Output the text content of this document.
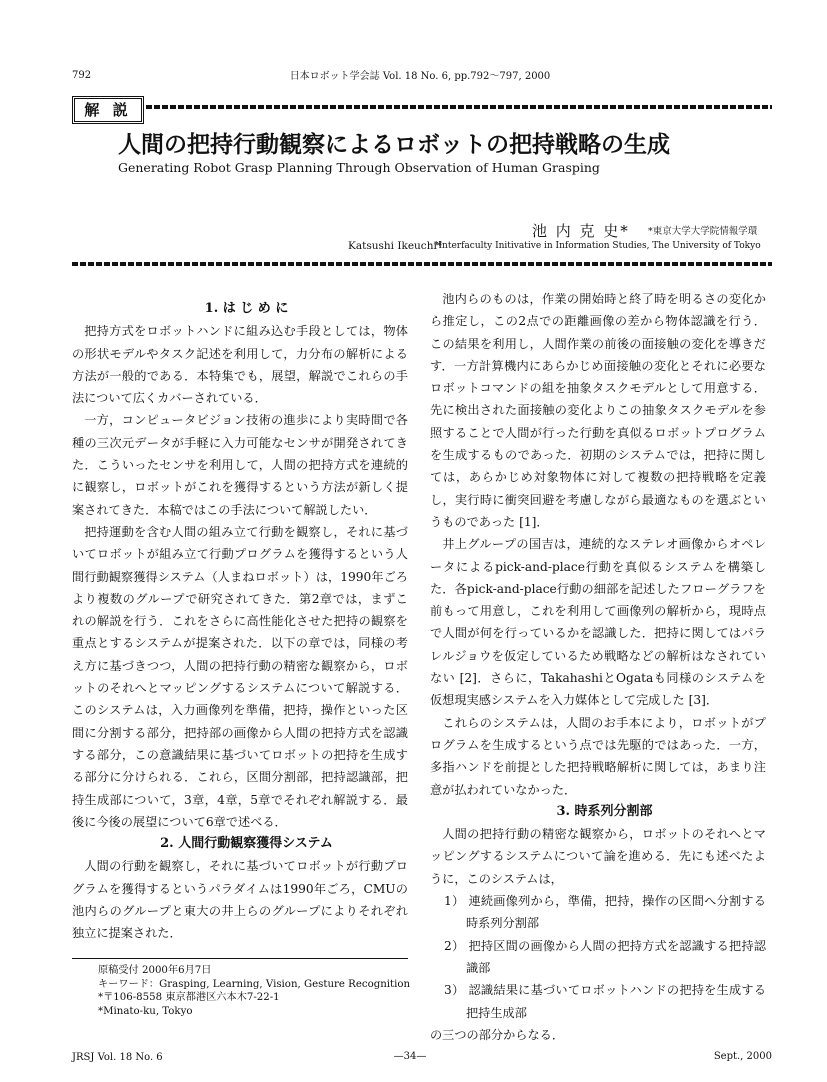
792	日本ロボット学会誌 Vol. 18 No. 6, pp.792～797, 2000
解 説
人間の把持行動観察によるロボットの把持戦略の生成
Generating Robot Grasp Planning Through Observation of Human Grasping
池 内 克 史* *東京大学大学院情報学環
Katsushi Ikeuchi*
*Interfaculty Initivative in Information Studies, The University of Tokyo

1. は じ め に

把持方式をロボットハンドに組み込む手段としては，物体の形状モデルやタスク記述を利用して，力分布の解析による方法が一般的である．本特集でも，展望，解説でこれらの手法について広くカバーされている．

一方，コンピュータビジョン技術の進歩により実時間で各種の三次元データが手軽に入力可能なセンサが開発されてきた．こういったセンサを利用して，人間の把持方式を連続的に観察し，ロボットがこれを獲得するという方法が新しく提案されてきた．本稿ではこの手法について解説したい．

把持運動を含む人間の組み立て行動を観察し，それに基づいてロボットが組み立て行動プログラムを獲得するという人間行動観察獲得システム（人まねロボット）は，1990年ごろより複数のグループで研究されてきた．第2章では，まずこれの解説を行う．これをさらに高性能化させた把持の観察を重点とするシステムが提案された．以下の章では，同様の考え方に基づきつつ，人間の把持行動の精密な観察から，ロボットのそれへとマッピングするシステムについて解説する．このシステムは，入力画像列を準備，把持，操作といった区間に分割する部分，把持部の画像から人間の把持方式を認識する部分，この意識結果に基づいてロボットの把持を生成する部分に分けられる．これら，区間分割部，把持認識部，把持生成部について，3章，4章，5章でそれぞれ解説する．最後に今後の展望について6章で述べる．

2. 人間行動観察獲得システム

人間の行動を観察し，それに基づいてロボットが行動プログラムを獲得するというパラダイムは1990年ごろ，CMUの池内らのグループと東大の井上らのグループによりそれぞれ独立に提案された．

原稿受付 2000年6月7日
キーワード：Grasping, Learning, Vision, Gesture Recognition
*〒106-8558 東京都港区六本木7-22-1
*Minato-ku, Tokyo

池内らのものは，作業の開始時と終了時を明るさの変化から推定し，この2点での距離画像の差から物体認識を行う．この結果を利用し，人間作業の前後の面接触の変化を導きだす．一方計算機内にあらかじめ面接触の変化とそれに必要なロボットコマンドの組を抽象タスクモデルとして用意する．先に検出された面接触の変化よりこの抽象タスクモデルを参照することで人間が行った行動を真似るロボットプログラムを生成するものであった．初期のシステムでは，把持に関しては，あらかじめ対象物体に対して複数の把持戦略を定義し，実行時に衝突回避を考慮しながら最適なものを選ぶというものであった [1]．

井上グループの国吉は，連続的なステレオ画像からオペレータによるpick-and-place行動を真似るシステムを構築した．各pick-and-place行動の細部を記述したフローグラフを前もって用意し，これを利用して画像列の解析から，現時点で人間が何を行っているかを認識した．把持に関してはパラレルジョウを仮定しているため戦略などの解析はなされていない [2]．さらに，TakahashiとOgataも同様のシステムを仮想現実感システムを入力媒体として完成した [3]．

これらのシステムは，人間のお手本により，ロボットがプログラムを生成するという点では先駆的ではあった．一方，多指ハンドを前提とした把持戦略解析に関しては，あまり注意が払われていなかった．

3. 時系列分割部

人間の把持行動の精密な観察から，ロボットのそれへとマッピングするシステムについて論を進める．先にも述べたように，このシステムは，

1） 連続画像列から，準備，把持，操作の区間へ分割する時系列分割部

2） 把持区間の画像から人間の把持方式を認識する把持認識部

3） 認識結果に基づいてロボットハンドの把持を生成する把持生成部

の三つの部分からなる．

JRSJ Vol. 18 No. 6	—34—	Sept., 2000
